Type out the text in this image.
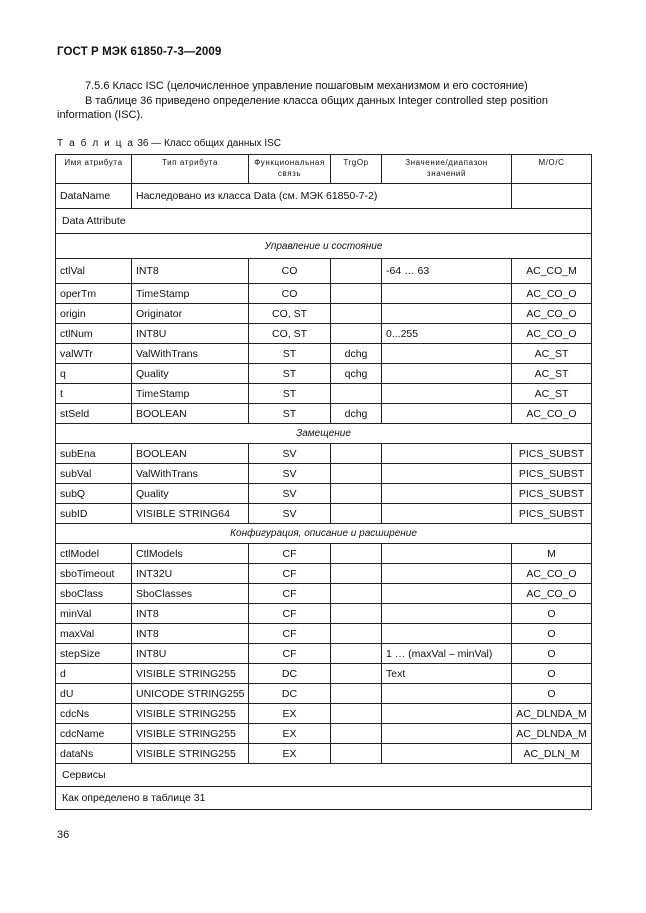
ГОСТ Р МЭК 61850-7-3—2009
7.5.6 Класс ISC (целочисленное управление пошаговым механизмом и его состояние)
В таблице 36 приведено определение класса общих данных Integer controlled step position information (ISC).
Т а б л и ц а 36 — Класс общих данных ISC
Имя атрибута	Тип атрибута	Функциональная связь	TrgOp	Значение/диапазон значений	M/O/C
DataName	Наследовано из класса Data (см. МЭК 61850-7-2)				
Data Attribute					
Управление и состояние					
ctlVal	INT8	CO		-64 … 63	AC_CO_M
operTm	TimeStamp	CO			AC_CO_O
origin	Originator	CO, ST			AC_CO_O
ctlNum	INT8U	CO, ST		0...255	AC_CO_O
valWTr	ValWithTrans	ST	dchg		AC_ST
q	Quality	ST	qchg		AC_ST
t	TimeStamp	ST			AC_ST
stSeld	BOOLEAN	ST	dchg		AC_CO_O
Замещение					
subEna	BOOLEAN	SV			PICS_SUBST
subVal	ValWithTrans	SV			PICS_SUBST
subQ	Quality	SV			PICS_SUBST
subID	VISIBLE STRING64	SV			PICS_SUBST
Конфигурация, описание и расширение					
ctlModel	CtlModels	CF			M
sboTimeout	INT32U	CF			AC_CO_O
sboClass	SboClasses	CF			AC_CO_O
minVal	INT8	CF			O
maxVal	INT8	CF			O
stepSize	INT8U	CF		1 … (maxVal – minVal)	O
d	VISIBLE STRING255	DC		Text	O
dU	UNICODE STRING255	DC			O
cdcNs	VISIBLE STRING255	EX			AC_DLNDA_M
cdcName	VISIBLE STRING255	EX			AC_DLNDA_M
dataNs	VISIBLE STRING255	EX			AC_DLN_M
Сервисы					
Как определено в таблице 31					
36
